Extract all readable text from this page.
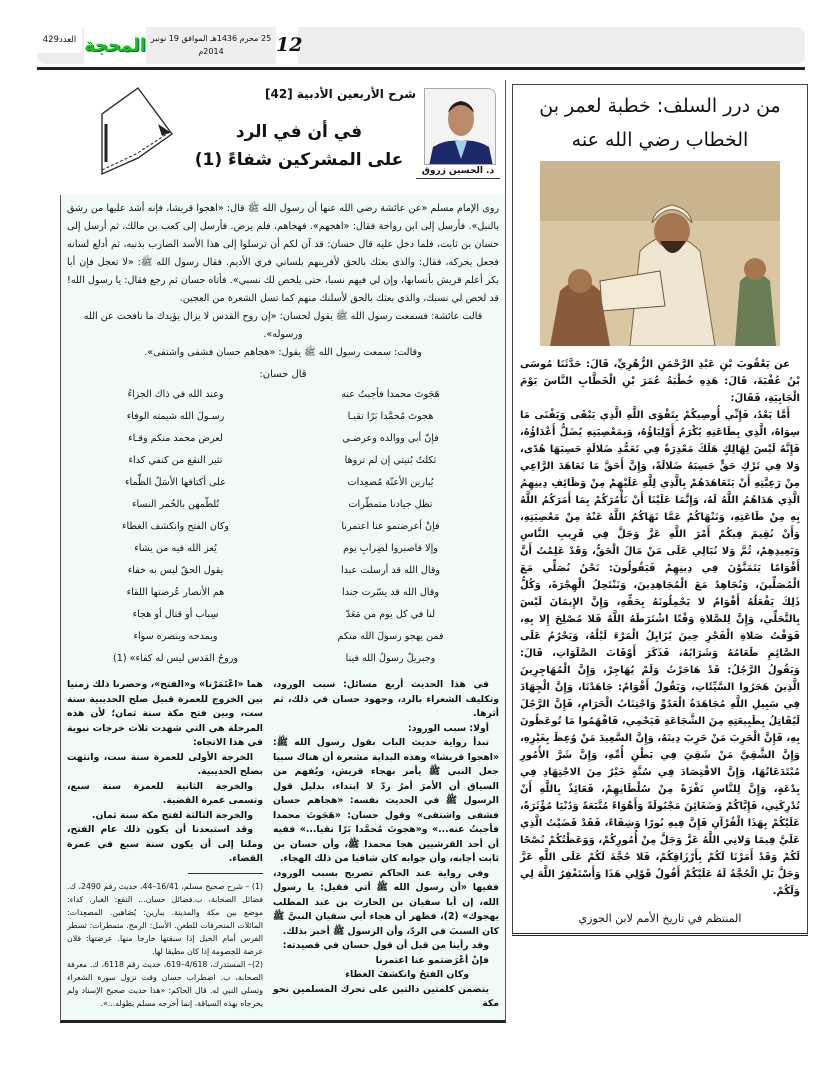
العدد429 المحجة	12
25 محرم 1436هـ الموافق 19 نونبر 2014م
شرح الأربعين الأدبية [42]
د. الحسين زروق
في أن في الرد
على المشركين شفاءً (1)

روى الإمام مسلم «عن عائشة رضي الله عنها أن رسول الله ﷺ قال: «اهجوا قريشا، فإنه أشد عليها من رشق بالنبل». فأرسل إلى ابن رواحة فقال: «اهجهم». فهجاهم، فلم يرض. فأرسل إلى كعب بن مالك، ثم أرسل إلى حسان بن ثابت، فلما دخل عليه قال حسان: قد آن لكم أن ترسلوا إلى هذا الأسد الضارب بذنبه، ثم أدلع لسانه فجعل يحركه، فقال: والذي بعثك بالحق لأفرينهم بلساني فري الأديم. فقال رسول الله ﷺ: «لا تعجل فإن أبا بكر أعلم قريش بأنسابها، وإن لي فيهم نسبا، حتى يلخص لك نسبي». فأتاه حسان ثم رجع فقال: يا رسول الله! قد لخص لي نسبك، والذي بعثك بالحق لأسلنك منهم كما تسل الشعرة من العجين.

قالت عائشة: فسمعت رسول الله ﷺ يقول لحسان: «إن روح القدس لا يزال يؤيدك ما نافحت عن الله ورسوله».

وقالت: سمعت رسول الله ﷺ يقول: «هجاهم حسان فشفى واشتفى».

قال حسان:
هَجَوتَ محمدا فأجبتُ عنه
وعند الله في ذاك الجزاءُ
هجوتَ مُحمَّدا بَرًا تقيـا
رسـولَ الله شيمته الوفاء
فإنّ أبي ووالده وعرضـي
لعرض محمد منكم وقـاء
ثكلتُ بُنيتي إن لم تروها
تثير النقع من كنفي كداء
يُبارين الأعنّة مُصعِدات
على أكتافها الأسَلُ الظِّماء
تظل جيادنا متمطّرات
تُلطّمهن بالخُمر النساء
فإنْ أعرضتمو عنا اعتمرنا
وكان الفتح وانكشف الغطاء
وإلا فاصبروا لضِرابِ يوم
يُعز الله فيه من يشاء
وقال الله قد أرسلت عبدا
يقول الحقّ ليس به خفاء
وقال الله قد يسّرت جندا
هم الأنصار عُرضتها اللقاء
لنا في كل يوم من مَعَدّ
سِباب أو قتال أو هجاء
فمن يهجو رسولَ الله منكم
ويمدحه وينصره سواء
وجبريلٌ رسولُ الله فينا
وروحُ القدس ليس له كفاء» (1)

في هذا الحديث أربع مسائل: سبب الورود، وتكليف الشعراء بالرد، وجهود حسان في ذلك، ثم أثرها.

أولا: سبب الورود:

تبدأ رواية حديث الباب بقول رسول الله ﷺ: «اهجوا قريشا» وهذه البداية مشعرة أن هناك سببا جعل النبي ﷺ يأمر بهجاء قريش، ويُفهم من السياق أن الأمرَ أمرُ ردّ لا ابتداء، بدليل قول الرسول ﷺ في الحديث نفسه: «هجاهم حسان فشفى واشتفى» وقول حسان: «هَجَوتَ محمدا فأجبتُ عنه...» و«هجوتَ مُحمَّدا بَرًا تقيا...» ففيه أن أحد القرشيين هجا محمدا ﷺ، وأن حسان بن ثابت أجابه، وأن جوابه كان شافيا من ذلك الهجاء.

وفي رواية عند الحاكم تصريح بسبب الورود، ففيها «أن رسول الله ﷺ أتي فقيل: يا رسول الله، إن أبا سفيان بن الحارث بن عبد المطلب يهجوك» (2)، فظهر أن هجاء أبي سفيان النبيَّ ﷺ كان السببَ في الردّ، وأن الرسول ﷺ أخبر بذلك.

وقد رأينا من قبل أن قول حسان في قصيدته:

فإنْ أعْرَضتمو عنا اعتمرنا

وكان الفتحُ وانكشفَ الغطاء

يتضمن كلمتين دالتين على تحرك المسلمين نحو مكة

هما «اعْتَمَرْنا» و«الفتح»، وحصرنا ذلك زمنيا بين الخروج للعمرة قبيل صلح الحديبية سنة ست، وبين فتح مكة سنة ثمان؛ لأن هذه المرحلة هي التي شهدت ثلاث خرجات نبوية في هذا الاتجاه:

الخرجة الأولى للعمرة سنة ست، وانتهت بصلح الحديبية.

والخرجة الثانية للعمرة سنة سبع، وتسمى عمرة القضية.

والخرجة الثالثة لفتح مكة سنة ثمان.

وقد استبعدنا أن يكون ذلك عام الفتح، وملنا إلى أن يكون سنة سبع في عمرة القضاء.

(1) – شرح صحيح مسلم، 16/41–44، حديث رقم 2490، ك. فضائل الصحابة، ب.فضائل حسان... النقع: الغبار. كداء: موضع بين مكة والمدينة. يبارين: يُضَاهين. المصعِدات: المائلات المنحرفات للطعن. الأسل: الرمح. متمطرات: تسطر الفرس أمام الخيل إذا سبقتها خارجا منها. عرضتها: فلان عرضة للخصومة إذا كان مطيقا لها.

(2)– المستدرك، 4/618–619، حديث رقم 6118، ك. معرفة الصحابة، ب. اضطراب حسان وقت نزول سورة الشعراء وتسلي النبي له. قال الحاكم: «هذا حديث صحيح الإسناد ولم يخرجاه بهذه السياقة، إنما أخرجه مسلم بطوله...».

من درر السلف: خطبة لعمر بن الخطاب رضي الله عنه

عن يَعْقُوبَ بْنِ عَبْدِ الرَّحْمَنِ الزُّهْرِيِّ، قَالَ: حَدَّثَنَا مُوسَى بْنُ عُقْبَةَ، قَالَ: هَذِهِ خُطْبَةُ عُمَرَ بْنِ الْخَطَّابِ النَّاسَ يَوْمَ الْجَابِيَةِ، فَقَالَ:

أَمَّا بَعْدُ، فَإِنِّي أُوصِيكُمْ بِتَقْوَى اللَّهِ الَّذِي يَبْقَى وَيَفْنَى مَا سِوَاهُ، الَّذِي بِطَاعَتِهِ يُكْرَمُ أَوْلِيَاؤُهُ، وَبِمَعْصِيَتِهِ يُضَلُّ أَعْدَاؤُهُ، فَإِنَّهُ لَيْسَ لِهَالِكٍ هَلَكَ مَعْذِرَةٌ فِي تَعَمُّدِ ضَلالَةٍ حَسِبَهَا هُدًى، وَلا فِي تَرْكِ حَقٍّ حَسِبَهُ ضَلالَةً، وَإِنَّ أَحَقَّ مَا تَعَاهَدَ الرَّاعِي مِنْ رَعِيَّتِهِ أَنْ يَتَعَاهَدَهُمْ بِالَّذِي لِلَّهِ عَلَيْهِمْ مِنْ وَظَائِفِ دِينِهِمُ الَّذِي هَدَاهُمُ اللَّهُ لَهُ، وَإِنَّمَا عَلَيْنَا أَنْ نَأْمُرَكُمْ بِمَا أَمَرَكُمُ اللَّهُ بِهِ مِنْ طَاعَتِهِ، وَنَنْهَاكُمْ عَمَّا نَهَاكُمُ اللَّهُ عَنْهُ مِنْ مَعْصِيَتِهِ، وَأَنْ نُقِيمَ فِيكُمْ أَمْرَ اللَّهِ عَزَّ وَجَلَّ فِي قَرِيبِ النَّاسِ وَبَعِيدِهِمْ، ثُمَّ وَلا نُبَالِي عَلَى مَنْ مَالَ الْحَقُّ، وَقَدْ عَلِمْتُ أَنَّ أَقْوَامًا يَتَمَنَّوْنَ فِي دِينِهِمْ فَيَقُولُونَ: نَحْنُ نُصَلِّي مَعَ الْمُصَلِّينَ، وَنُجَاهِدُ مَعَ الْمُجَاهِدِينَ، وَنَنْتَحِلُ الْهِجْرَةَ، وَكُلُّ ذَلِكَ يَفْعَلُهُ أَقْوَامٌ لا يَحْمِلُونَهُ بِحَقِّهِ، وَإِنَّ الإِيمَانَ لَيْسَ بِالتَّحَلِّي، وَإِنَّ لِلصَّلاةِ وَقْتًا اشْتَرَطَهُ اللَّهُ فَلا مُصْلِحَ إِلا بِهِ، فَوَقْتُ صَلاةِ الْفَجْرِ حِينَ يُزَايِلُ الْمَرْءَ لَيْلُهُ، وَيَحْرُمُ عَلَى الصَّائِمِ طَعَامُهُ وَشَرَابُهُ، فَذَكَرَ أَوْقَاتَ الصَّلَوَاتِ، قَالَ: وَيَقُولُ الرَّجُلُ: قَدْ هَاجَرْتُ وَلَمْ يُهَاجِرْ، وَإِنَّ الْمُهَاجِرِينَ الَّذِينَ هَجَرُوا السَّيِّئَاتِ، وَيَقُولُ أَقْوَامٌ: جَاهَدْنَا، وَإِنَّ الْجِهَادَ فِي سَبِيلِ اللَّهِ مُجَاهَدَةُ الْعَدُوِّ وَاجْتِنَابُ الْحَرَامِ، فَإِنَّ الرَّجُلَ لَيُقَاتِلُ بِطَبِيعَتِهِ مِنَ الشَّجَاعَةِ فَيَحْمِي، فَافْهَمُوا مَا تُوعَظُونَ بِهِ، فَإِنَّ الْحَرِبَ مَنْ حَرِبَ دِينَهُ، وَإِنَّ السَّعِيدَ مَنْ وُعِظَ بِغَيْرِهِ، وَإِنَّ الشَّقِيَّ مَنْ شَقِيَ فِي بَطْنِ أُمِّهِ، وَإِنَّ شَرَّ الأُمُورِ مُبْتَدَعَاتُهَا، وَإِنَّ الاقْتِصَادَ فِي سُنَّةٍ خَيْرٌ مِنَ الاجْتِهَادِ فِي بِدْعَةٍ، وَإِنَّ لِلنَّاسِ نَفْرَةً مِنْ سُلْطَانِهِمْ، فَعَائِذٌ بِاللَّهِ أَنْ تُدْرِكَنِي، فَإِيَّاكُمْ وَضَغَائِنَ مَجْبُولَةً وَأَهْوَاءً مُتَّبَعَةً وَدُنْيَا مُؤْثَرَةً، عَلَيْكُمْ بِهَذَا الْقُرْآنِ فَإِنَّ فِيهِ نُورًا وَشِفَاءً، فَقَدْ قَضَيْتُ الَّذِي عَلَيَّ فِيمَا وَلانِي اللَّهُ عَزَّ وَجَلَّ مِنْ أُمُورِكُمْ، وَوَعَظْتُكُمْ نُصْحًا لَكُمْ وَقَدْ أَمَرْنَا لَكُمْ بِأَرْزَاقِكُمْ، فَلا حُجَّةَ لَكُمْ عَلَى اللَّهِ عَزَّ وَجَلَّ بَلِ الْحُجَّةُ لَهُ عَلَيْكُمْ أَقُولُ قَوْلِي هَذَا وَأَسْتَغْفِرُ اللَّهَ لِي وَلَكُمْ.

المنتظم في تاريخ الأمم لابن الجوزي
